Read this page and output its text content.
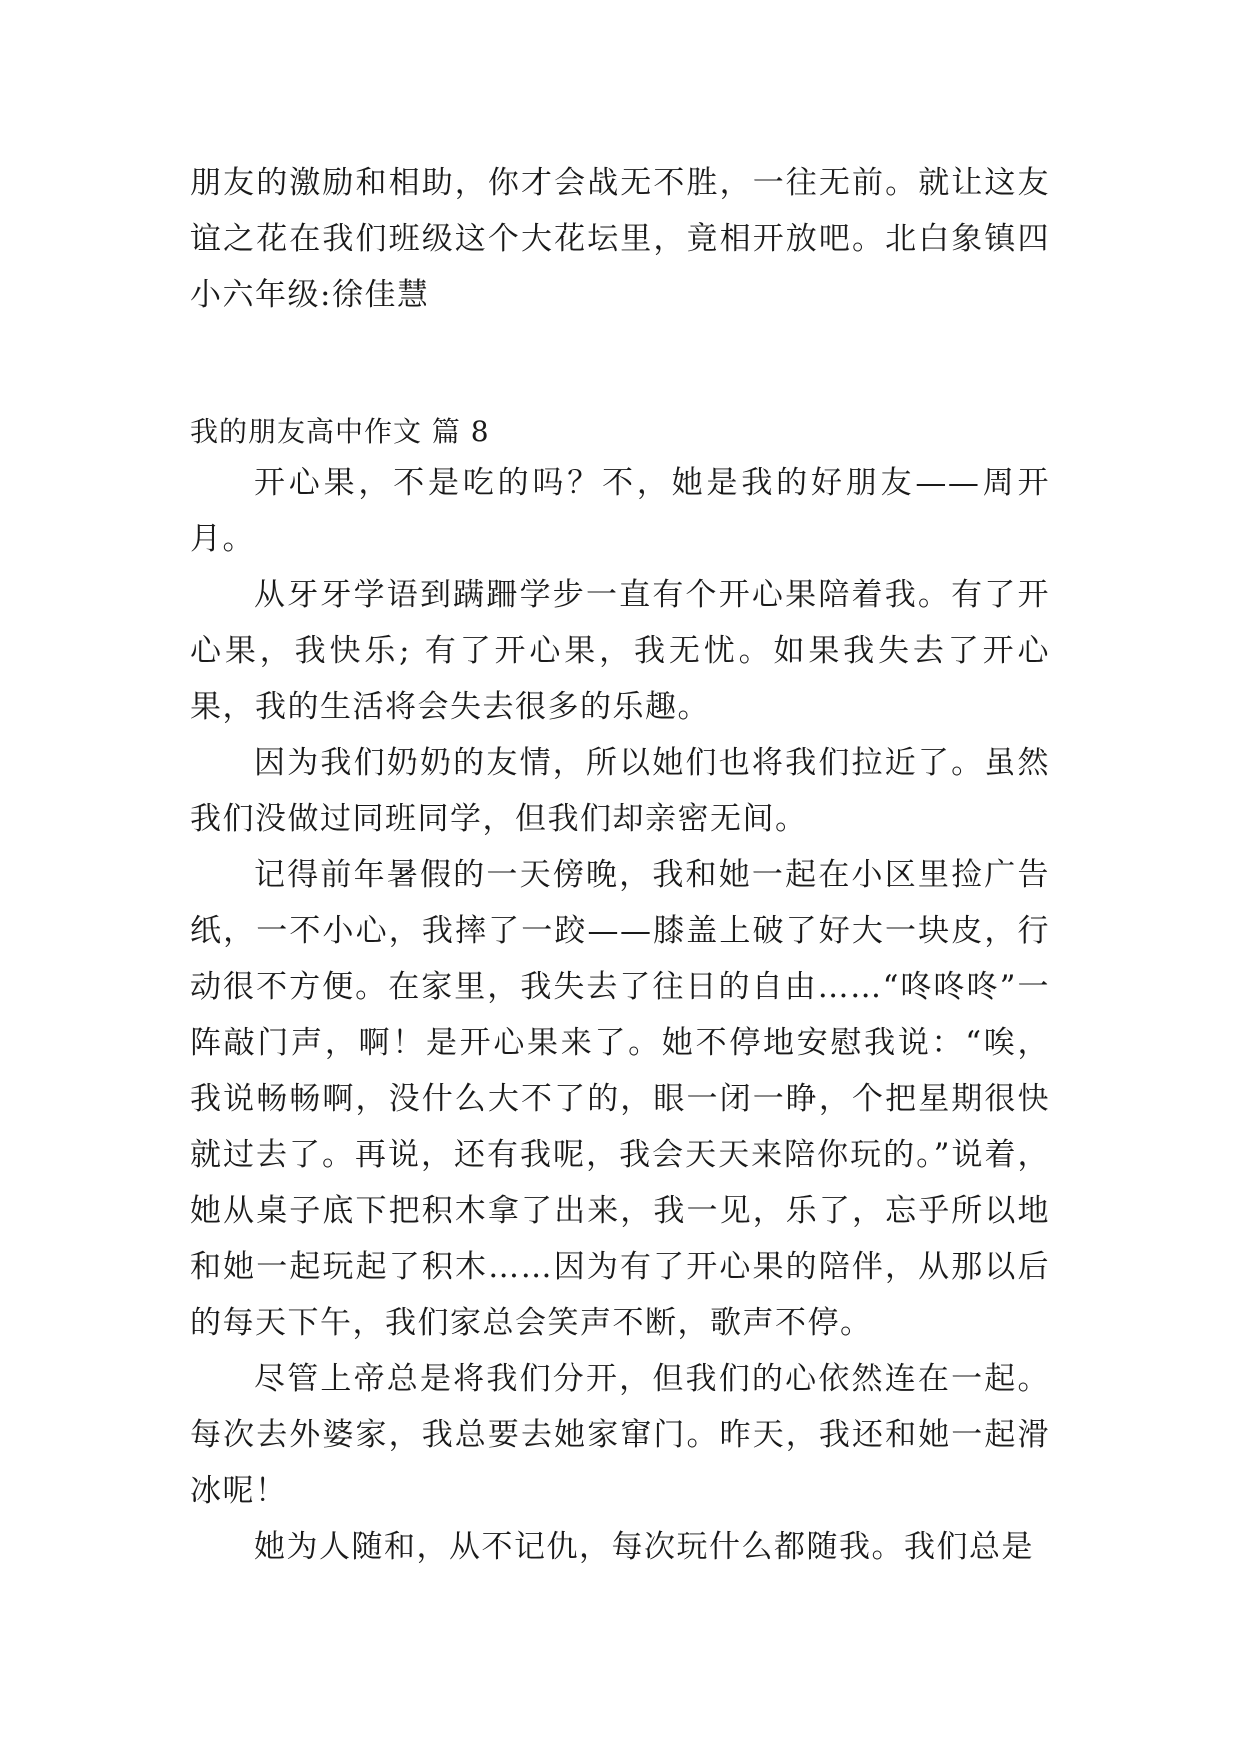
朋友的激励和相助，你才会战无不胜，一往无前。就让这友谊之花在我们班级这个大花坛里，竟相开放吧。北白象镇四小六年级:徐佳慧

我的朋友高中作文 篇 8

开心果，不是吃的吗？不，她是我的好朋友——周开月。

从牙牙学语到蹒跚学步一直有个开心果陪着我。有了开心果，我快乐; 有了开心果，我无忧。如果我失去了开心果，我的生活将会失去很多的乐趣。

因为我们奶奶的友情，所以她们也将我们拉近了。虽然我们没做过同班同学，但我们却亲密无间。

记得前年暑假的一天傍晚，我和她一起在小区里捡广告纸，一不小心，我摔了一跤——膝盖上破了好大一块皮，行动很不方便。在家里，我失去了往日的自由……“咚咚咚”一阵敲门声，啊！是开心果来了。她不停地安慰我说：“唉，我说畅畅啊，没什么大不了的，眼一闭一睁，个把星期很快就过去了。再说，还有我呢，我会天天来陪你玩的。”说着，她从桌子底下把积木拿了出来，我一见，乐了，忘乎所以地和她一起玩起了积木……因为有了开心果的陪伴，从那以后的每天下午，我们家总会笑声不断，歌声不停。

尽管上帝总是将我们分开，但我们的心依然连在一起。每次去外婆家，我总要去她家窜门。昨天，我还和她一起滑冰呢！

她为人随和，从不记仇，每次玩什么都随我。我们总是
